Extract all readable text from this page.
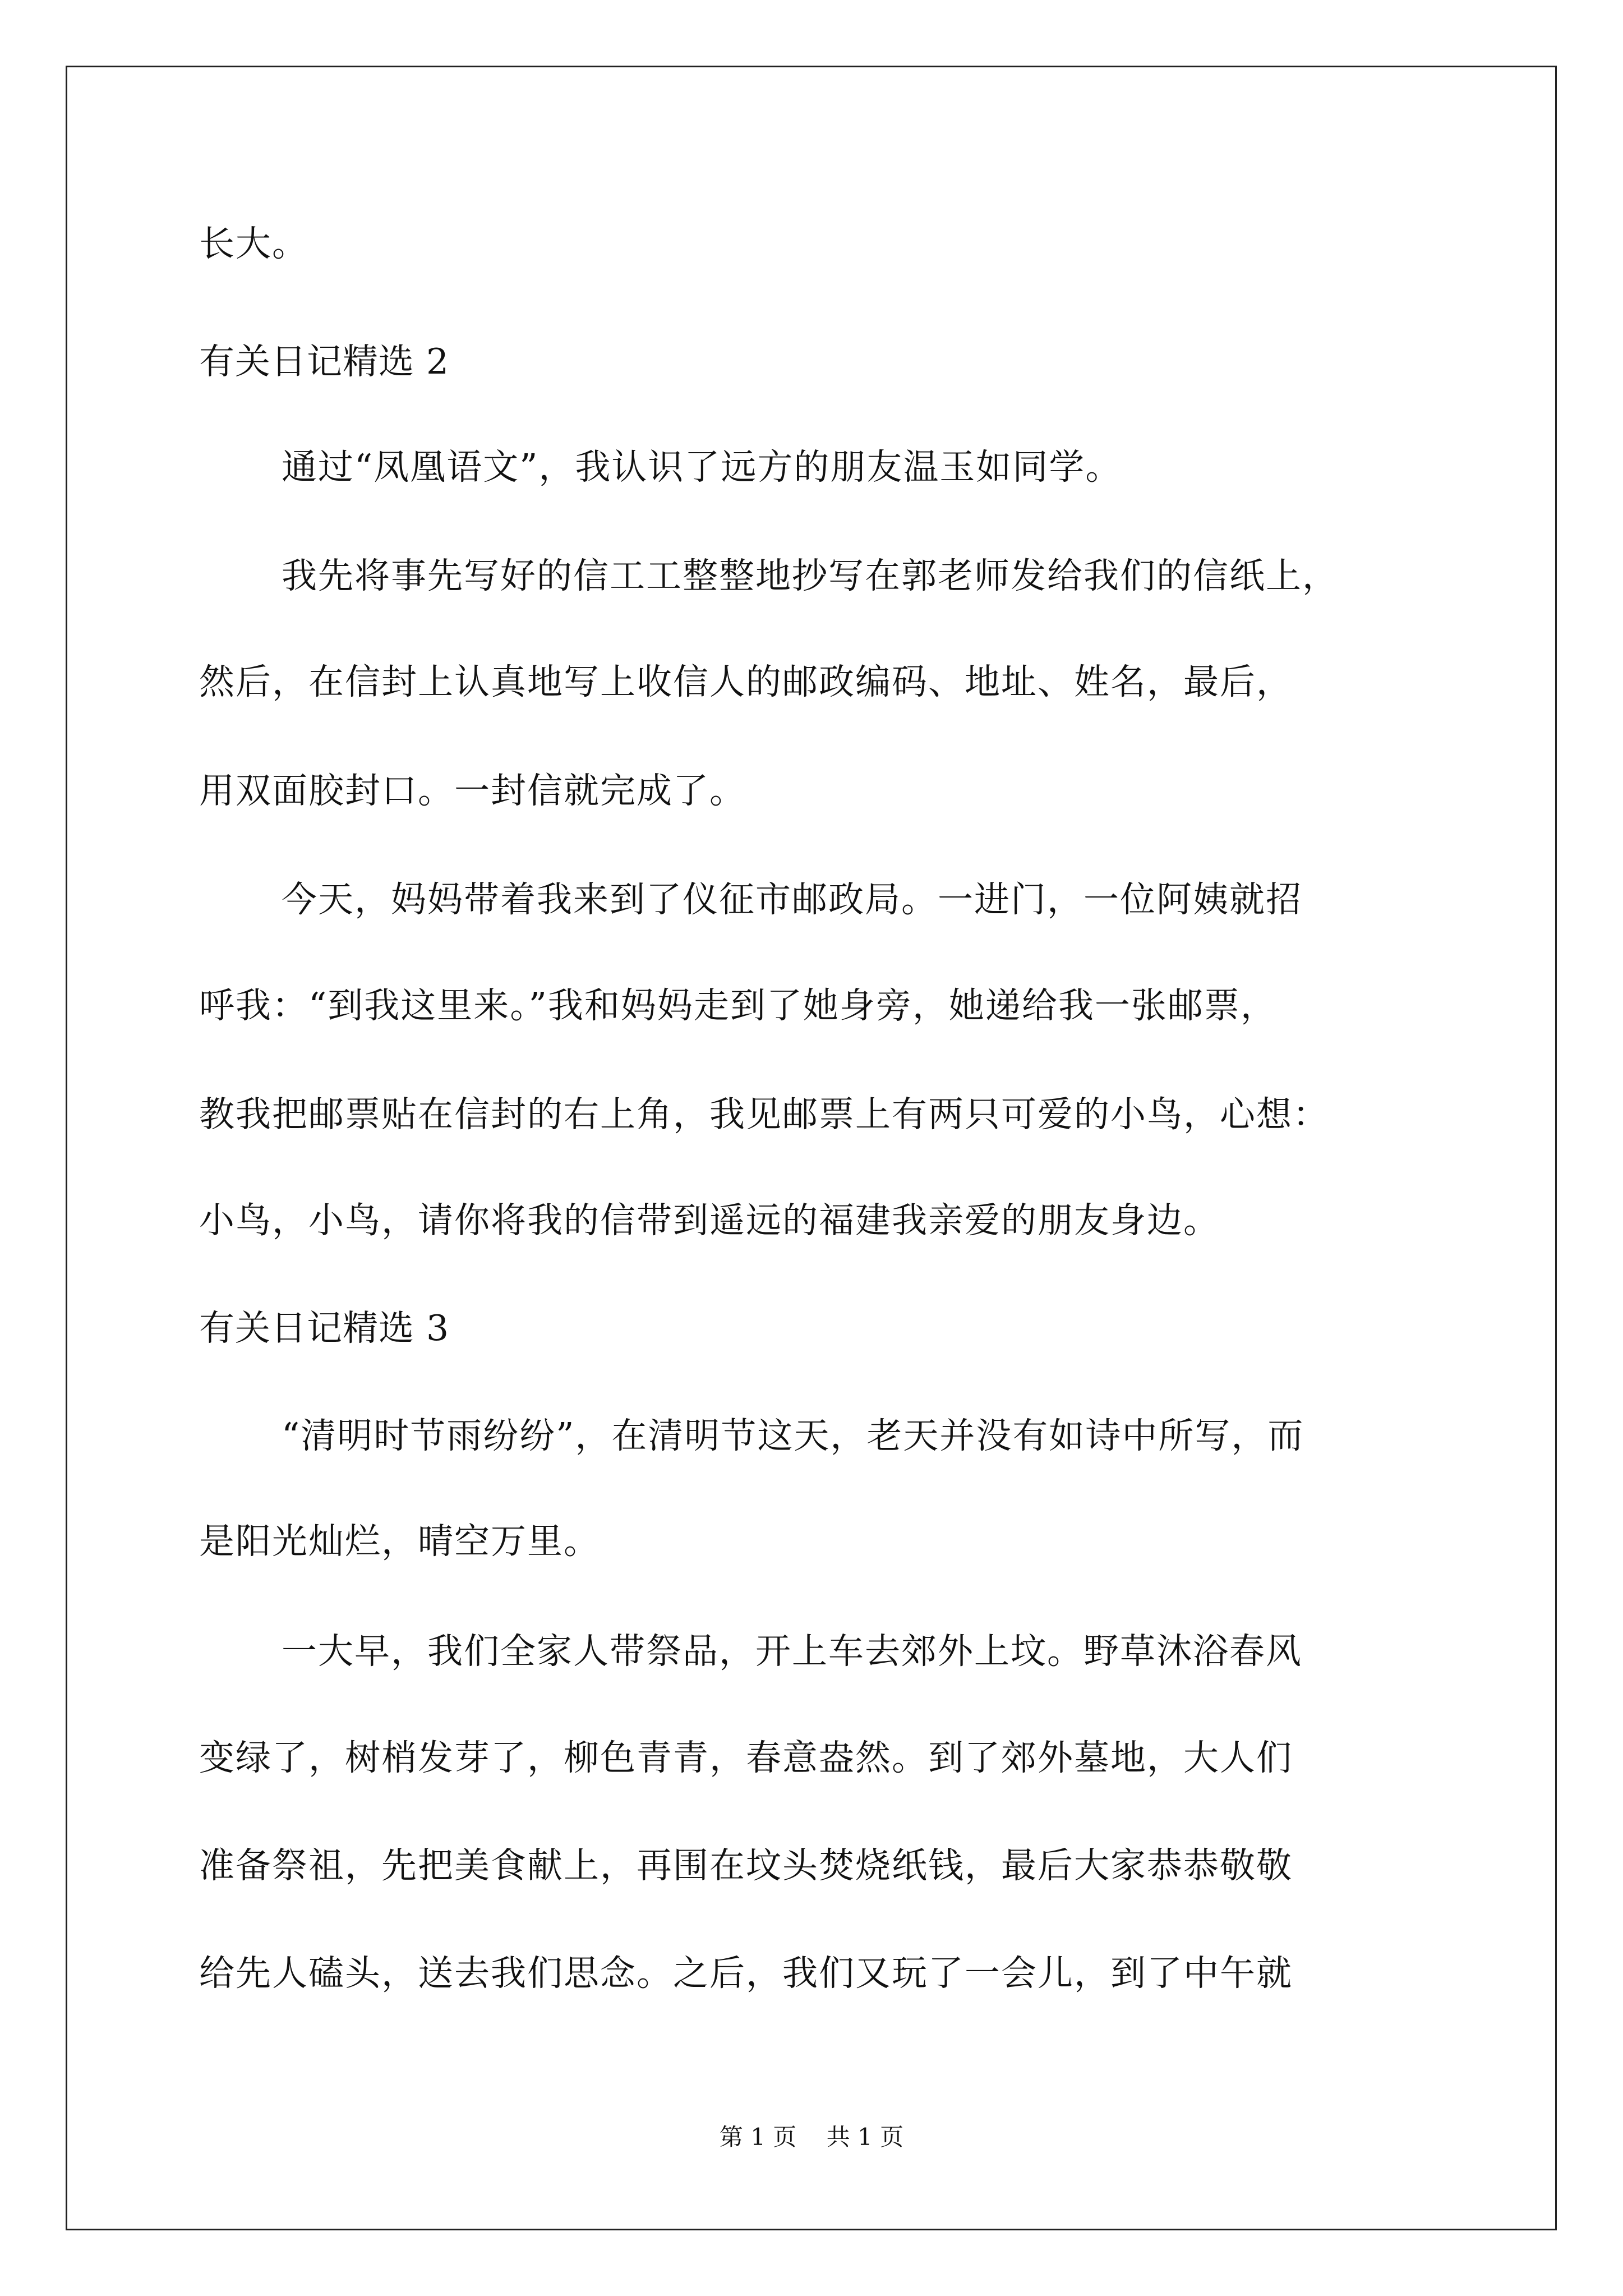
长大。
有关日记精选 2
通过“凤凰语文”，我认识了远方的朋友温玉如同学。
我先将事先写好的信工工整整地抄写在郭老师发给我们的信纸上，
然后，在信封上认真地写上收信人的邮政编码、地址、姓名，最后，
用双面胶封口。一封信就完成了。
今天，妈妈带着我来到了仪征市邮政局。一进门，一位阿姨就招
呼我：“到我这里来。”我和妈妈走到了她身旁，她递给我一张邮票，
教我把邮票贴在信封的右上角，我见邮票上有两只可爱的小鸟，心想：
小鸟，小鸟，请你将我的信带到遥远的福建我亲爱的朋友身边。
有关日记精选 3
“清明时节雨纷纷”，在清明节这天，老天并没有如诗中所写，而
是阳光灿烂，晴空万里。
一大早，我们全家人带祭品，开上车去郊外上坟。野草沐浴春风
变绿了，树梢发芽了，柳色青青，春意盎然。到了郊外墓地，大人们
准备祭祖，先把美食献上，再围在坟头焚烧纸钱，最后大家恭恭敬敬
给先人磕头，送去我们思念。之后，我们又玩了一会儿，到了中午就
第 1 页    共 1 页
